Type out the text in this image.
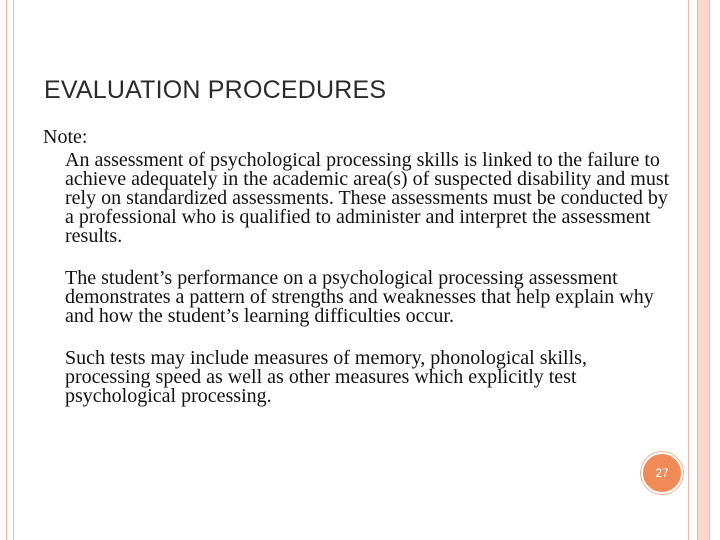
EVALUATION PROCEDURES

Note:

An assessment of psychological processing skills is linked to the failure to achieve adequately in the academic area(s) of suspected disability and must rely on standardized assessments. These assessments must be conducted by a professional who is qualified to administer and interpret the assessment results.

The student’s performance on a psychological processing assessment demonstrates a pattern of strengths and weaknesses that help explain why and how the student’s learning difficulties occur.

Such tests may include measures of memory, phonological skills, processing speed as well as other measures which explicitly test psychological processing.

27
